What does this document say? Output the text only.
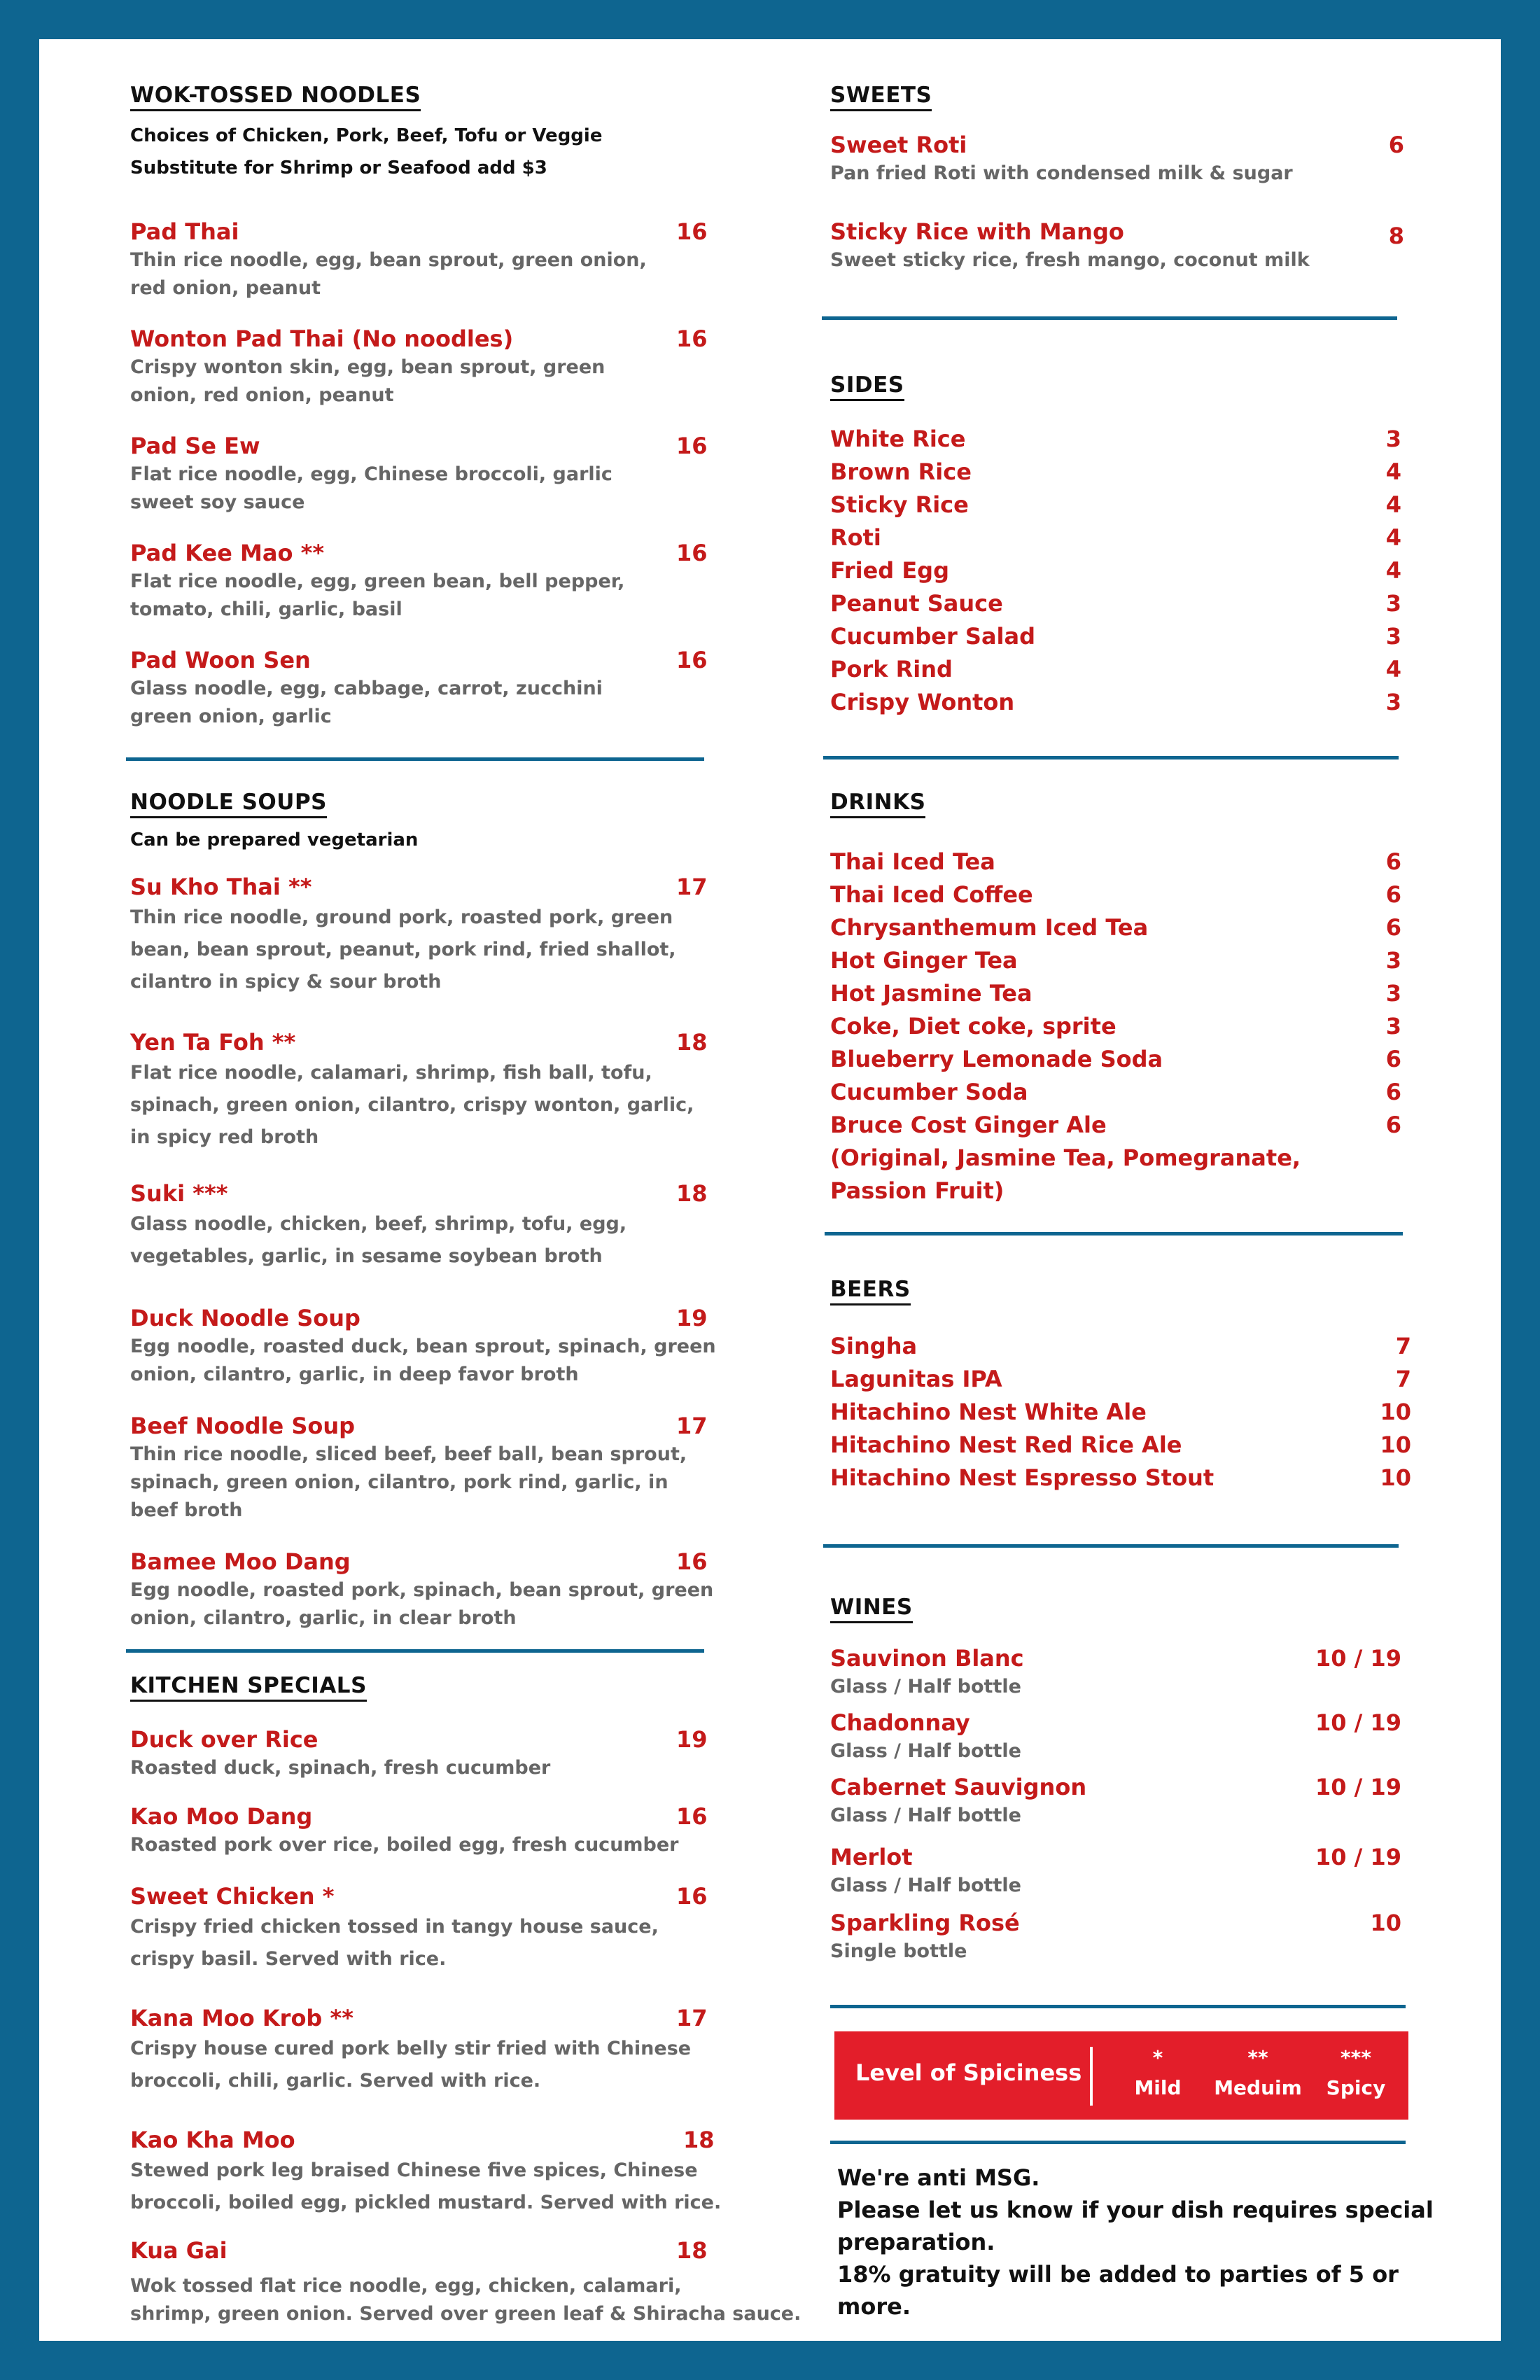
WOK-TOSSED NOODLES
Choices of Chicken, Pork, Beef, Tofu or Veggie
Substitute for Shrimp or Seafood add $3
Pad Thai	16
Thin rice noodle, egg, bean sprout, green onion,
red onion, peanut
Wonton Pad Thai (No noodles)	16
Crispy wonton skin, egg, bean sprout, green
onion, red onion, peanut
Pad Se Ew	16
Flat rice noodle, egg, Chinese broccoli, garlic
sweet soy sauce
Pad Kee Mao **	16
Flat rice noodle, egg, green bean, bell pepper,
tomato, chili, garlic, basil
Pad Woon Sen	16
Glass noodle, egg, cabbage, carrot, zucchini
green onion, garlic
NOODLE SOUPS
Can be prepared vegetarian
Su Kho Thai **	17
Thin rice noodle, ground pork, roasted pork, green
bean, bean sprout, peanut, pork rind, fried shallot,
cilantro in spicy & sour broth
Yen Ta Foh **	18
Flat rice noodle, calamari, shrimp, fish ball, tofu,
spinach, green onion, cilantro, crispy wonton, garlic,
in spicy red broth
Suki ***	18
Glass noodle, chicken, beef, shrimp, tofu, egg,
vegetables, garlic, in sesame soybean broth
Duck Noodle Soup	19
Egg noodle, roasted duck, bean sprout, spinach, green
onion, cilantro, garlic, in deep favor broth
Beef Noodle Soup	17
Thin rice noodle, sliced beef, beef ball, bean sprout,
spinach, green onion, cilantro, pork rind, garlic, in
beef broth
Bamee Moo Dang	16
Egg noodle, roasted pork, spinach, bean sprout, green
onion, cilantro, garlic, in clear broth
KITCHEN SPECIALS
Duck over Rice	19
Roasted duck, spinach, fresh cucumber
Kao Moo Dang	16
Roasted pork over rice, boiled egg, fresh cucumber
Sweet Chicken *	16
Crispy fried chicken tossed in tangy house sauce,
crispy basil. Served with rice.
Kana Moo Krob **	17
Crispy house cured pork belly stir fried with Chinese
broccoli, chili, garlic. Served with rice.
Kao Kha Moo	18
Stewed pork leg braised Chinese five spices, Chinese
broccoli, boiled egg, pickled mustard. Served with rice.
Kua Gai	18
Wok tossed flat rice noodle, egg, chicken, calamari,
shrimp, green onion. Served over green leaf & Shiracha sauce.
SWEETS
Sweet Roti	6
Pan fried Roti with condensed milk & sugar
Sticky Rice with Mango	8
Sweet sticky rice, fresh mango, coconut milk
SIDES
White Rice	3
Brown Rice	4
Sticky Rice	4
Roti	4
Fried Egg	4
Peanut Sauce	3
Cucumber Salad	3
Pork Rind	4
Crispy Wonton	3
DRINKS
Thai Iced Tea	6
Thai Iced Coffee	6
Chrysanthemum Iced Tea	6
Hot Ginger Tea	3
Hot Jasmine Tea	3
Coke, Diet coke, sprite	3
Blueberry Lemonade Soda	6
Cucumber Soda	6
Bruce Cost Ginger Ale	6
(Original, Jasmine Tea, Pomegranate,
Passion Fruit)
BEERS
Singha	7
Lagunitas IPA	7
Hitachino Nest White Ale	10
Hitachino Nest Red Rice Ale	10
Hitachino Nest Espresso Stout	10
WINES
Sauvinon Blanc	10 / 19
Glass / Half bottle
Chadonnay	10 / 19
Glass / Half bottle
Cabernet Sauvignon	10 / 19
Glass / Half bottle
Merlot	10 / 19
Glass / Half bottle
Sparkling Rosé	10
Single bottle
Level of Spiciness
*
Mild
**
Meduim
***
Spicy
We're anti MSG.
Please let us know if your dish requires special
preparation.
18% gratuity will be added to parties of 5 or more.
